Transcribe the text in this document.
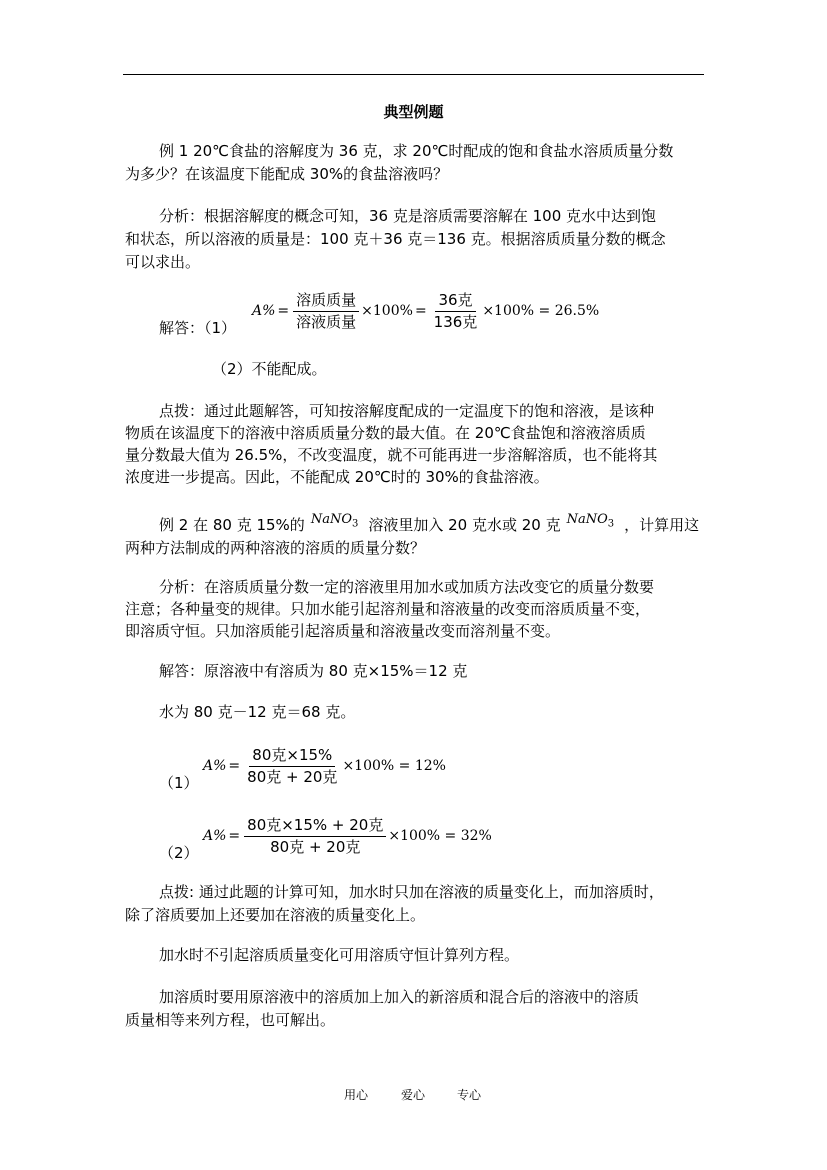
典型例题
例 1 20℃食盐的溶解度为 36 克，求 20℃时配成的饱和食盐水溶质质量分数
为多少？在该温度下能配成 30%的食盐溶液吗？
分析：根据溶解度的概念可知，36 克是溶质需要溶解在 100 克水中达到饱
和状态，所以溶液的质量是：100 克＋36 克＝136 克。根据溶质质量分数的概念
可以求出。
解答：（1）
$A\% = \frac{\text{溶质质量}}{\text{溶液质量}} \times 100\% = \frac{\text{36克}}{\text{136克}} \times 100\% = 26.5\%$
（2）不能配成。
点拨：通过此题解答，可知按溶解度配成的一定温度下的饱和溶液，是该种
物质在该温度下的溶液中溶质质量分数的最大值。在 20℃食盐饱和溶液溶质质
量分数最大值为 26.5%，不改变温度，就不可能再进一步溶解溶质，也不能将其
浓度进一步提高。因此，不能配成 20℃时的 30%的食盐溶液。
例 2 在 80 克 15%的 NaNO$_3$ 溶液里加入 20 克水或 20 克 NaNO$_3$ ，计算用这
两种方法制成的两种溶液的溶质的质量分数？
分析：在溶质质量分数一定的溶液里用加水或加质方法改变它的质量分数要
注意；各种量变的规律。只加水能引起溶剂量和溶液量的改变而溶质质量不变，
即溶质守恒。只加溶质能引起溶质量和溶液量改变而溶剂量不变。
解答：原溶液中有溶质为 80 克×15%＝12 克
水为 80 克－12 克＝68 克。
（1）
$A\% = \frac{\text{80克×15\%}}{\text{80克 + 20克}} \times 100\% = 12\%$
（2）
$A\% = \frac{\text{80克×15\% + 20克}}{\text{80克 + 20克}} \times 100\% = 32\%$
点拨: 通过此题的计算可知，加水时只加在溶液的质量变化上，而加溶质时，
除了溶质要加上还要加在溶液的质量变化上。
加水时不引起溶质质量变化可用溶质守恒计算列方程。
加溶质时要用原溶液中的溶质加上加入的新溶质和混合后的溶液中的溶质
质量相等来列方程，也可解出。
用心	爱心	专心
